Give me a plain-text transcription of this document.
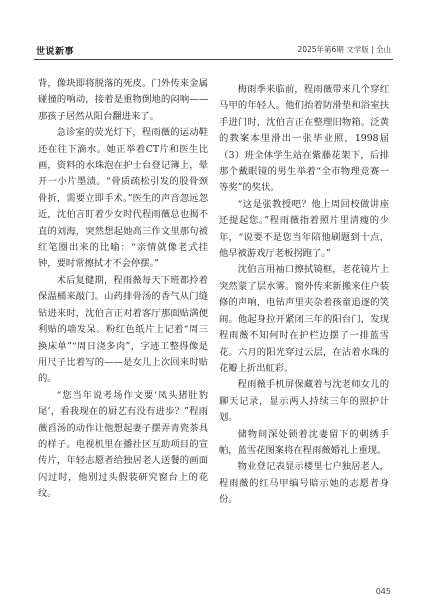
世说新事	2025年第6期 文学版 | 全山

背，像块即将脱落的死皮。门外传来金属碰撞的响动，接着是重物倒地的闷响——那孩子居然从阳台翻进来了。

急诊室的荧光灯下，程雨薇的运动鞋还在往下滴水。她正举着CT片和医生比画，资料的水珠泡在护士台登记簿上，晕开一小片墨渍。“骨质疏松引发的股骨颈骨折，需要立即手术。”医生的声音忽远忽近，沈伯言盯着少女时代程雨薇总也揭不直的刘海，突然想起她高三作文里那句被红笔圈出来的比喻：“亲情就像老式挂钟，要时常擦拭才不会停摆。”

术后复健期，程雨薇每天下班都拎着保温桶来敲门。山药排骨汤的香气从门缝钻进来时，沈伯言正对着客厅那面贴满便利贴的墙发呆。粉红色纸片上记着“周三换床单”“周日浇多肉”，字迹工整得像是用尺子比着写的——是女儿上次回来时贴的。

“您当年说考场作文要‘凤头猪肚豹尾’，看我现在的厨艺有没有进步？”程雨薇舀汤的动作让他想起妻子摆弄青瓷茶具的样子。电视机里在播社区互助项目的宣传片，年轻志愿者给独居老人送餐的画面闪过时，他别过头假装研究窗台上的花纹。

梅雨季来临前，程雨薇带来几个穿红马甲的年轻人。他们抬着防滑垫和浴室扶手进门时，沈伯言正在整理旧物箱。泛黄的教案本里滑出一张毕业照，1998届（3）班全体学生站在紫藤花架下，后排那个戴眼镜的男生举着“全市物理竞赛一等奖”的奖状。

“这是张教授吧？他上周回校做讲座还提起您。”程雨薇指着照片里清瘦的少年，“说要不是您当年陪他刷题到十点，他早被游戏厅老板拐跑了。”

沈伯言用袖口擦拭镜框，老花镜片上突然蒙了层水雾。窗外传来新搬来住户装修的声响，电钻声里夹杂着孩童追逐的笑闹。他起身拉开紧闭三年的阳台门，发现程雨薇不知何时在护栏边摆了一排蓝雪花。六月的阳光穿过云层，在沾着水珠的花瓣上折出虹彩。

程雨薇手机屏保藏着与沈老师女儿的聊天记录，显示两人持续三年的照护计划。

储物间深处锁着沈妻留下的刺绣手帕，蓝雪花图案将在程雨薇婚礼上重现。

物业登记表显示楼里七户独居老人，程雨薇的红马甲编号暗示她的志愿者身份。

045
